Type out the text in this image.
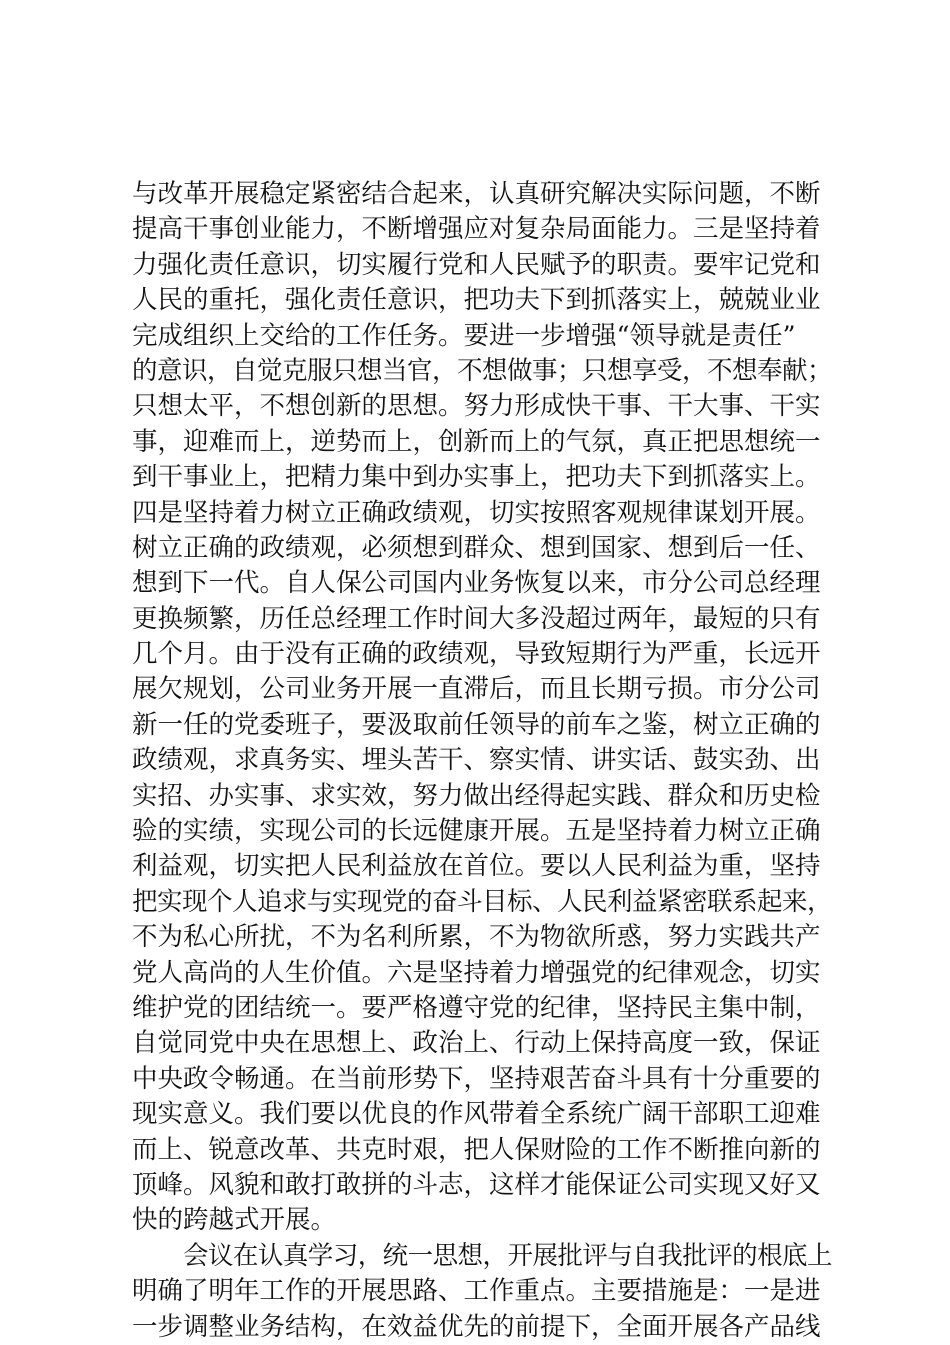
与改革开展稳定紧密结合起来，认真研究解决实际问题，不断
提高干事创业能力，不断增强应对复杂局面能力。三是坚持着
力强化责任意识，切实履行党和人民赋予的职责。要牢记党和
人民的重托，强化责任意识，把功夫下到抓落实上，兢兢业业
完成组织上交给的工作任务。要进一步增强“领导就是责任”
的意识，自觉克服只想当官，不想做事；只想享受，不想奉献；
只想太平，不想创新的思想。努力形成快干事、干大事、干实
事，迎难而上，逆势而上，创新而上的气氛，真正把思想统一
到干事业上，把精力集中到办实事上，把功夫下到抓落实上。
四是坚持着力树立正确政绩观，切实按照客观规律谋划开展。
树立正确的政绩观，必须想到群众、想到国家、想到后一任、
想到下一代。自人保公司国内业务恢复以来，市分公司总经理
更换频繁，历任总经理工作时间大多没超过两年，最短的只有
几个月。由于没有正确的政绩观，导致短期行为严重，长远开
展欠规划，公司业务开展一直滞后，而且长期亏损。市分公司
新一任的党委班子，要汲取前任领导的前车之鉴，树立正确的
政绩观，求真务实、埋头苦干、察实情、讲实话、鼓实劲、出
实招、办实事、求实效，努力做出经得起实践、群众和历史检
验的实绩，实现公司的长远健康开展。五是坚持着力树立正确
利益观，切实把人民利益放在首位。要以人民利益为重，坚持
把实现个人追求与实现党的奋斗目标、人民利益紧密联系起来，
不为私心所扰，不为名利所累，不为物欲所惑，努力实践共产
党人高尚的人生价值。六是坚持着力增强党的纪律观念，切实
维护党的团结统一。要严格遵守党的纪律，坚持民主集中制，
自觉同党中央在思想上、政治上、行动上保持高度一致，保证
中央政令畅通。在当前形势下，坚持艰苦奋斗具有十分重要的
现实意义。我们要以优良的作风带着全系统广阔干部职工迎难
而上、锐意改革、共克时艰，把人保财险的工作不断推向新的
顶峰。风貌和敢打敢拼的斗志，这样才能保证公司实现又好又
快的跨越式开展。
会议在认真学习，统一思想，开展批评与自我批评的根底上
明确了明年工作的开展思路、工作重点。主要措施是：一是进
一步调整业务结构，在效益优先的前提下，全面开展各产品线
